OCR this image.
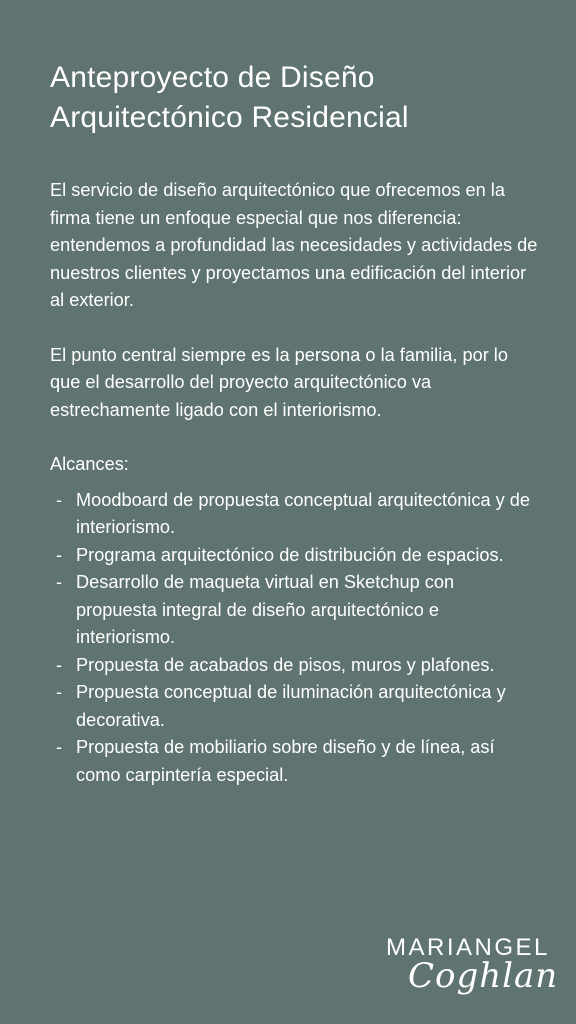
Anteproyecto de Diseño
Arquitectónico Residencial

El servicio de diseño arquitectónico que ofrecemos en la firma tiene un enfoque especial que nos diferencia: entendemos a profundidad las necesidades y actividades de nuestros clientes y proyectamos una edificación del interior al exterior.

El punto central siempre es la persona o la familia, por lo que el desarrollo del proyecto arquitectónico va estrechamente ligado con el interiorismo.

Alcances:

- Moodboard de propuesta conceptual arquitectónica y de interiorismo.
- Programa arquitectónico de distribución de espacios.
- Desarrollo de maqueta virtual en Sketchup con propuesta integral de diseño arquitectónico e interiorismo.
- Propuesta de acabados de pisos, muros y plafones.
- Propuesta conceptual de iluminación arquitectónica y decorativa.
- Propuesta de mobiliario sobre diseño y de línea, así como carpintería especial.
MARIANGEL
Coghlan
